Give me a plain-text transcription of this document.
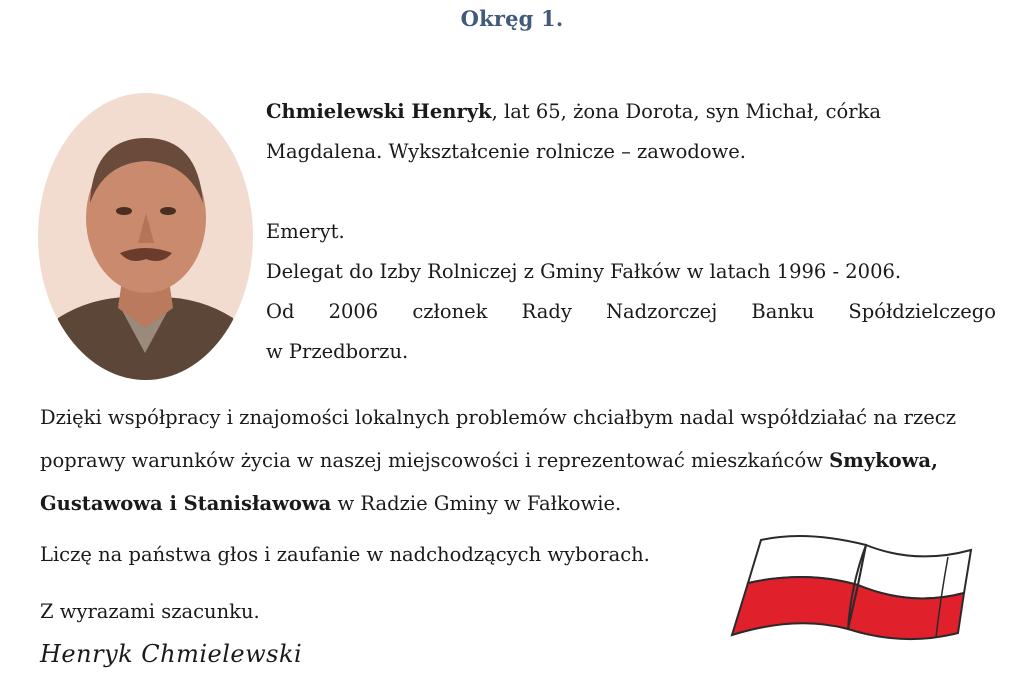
Okręg 1.

Chmielewski Henryk, lat 65, żona Dorota, syn Michał, córka

Magdalena. Wykształcenie rolnicze – zawodowe.

Emeryt.

Delegat do Izby Rolniczej z Gminy Fałków w latach 1996 - 2006.

Od 2006 członek Rady Nadzorczej Banku Spółdzielczego

w Przedborzu.

Dzięki współpracy i znajomości lokalnych problemów chciałbym nadal współdziałać na rzecz

poprawy warunków życia w naszej miejscowości i reprezentować mieszkańców Smykowa,

Gustawowa i Stanisławowa w Radzie Gminy w Fałkowie.

Liczę na państwa głos i zaufanie w nadchodzących wyborach.
Z wyrazami szacunku.
Henryk Chmielewski
